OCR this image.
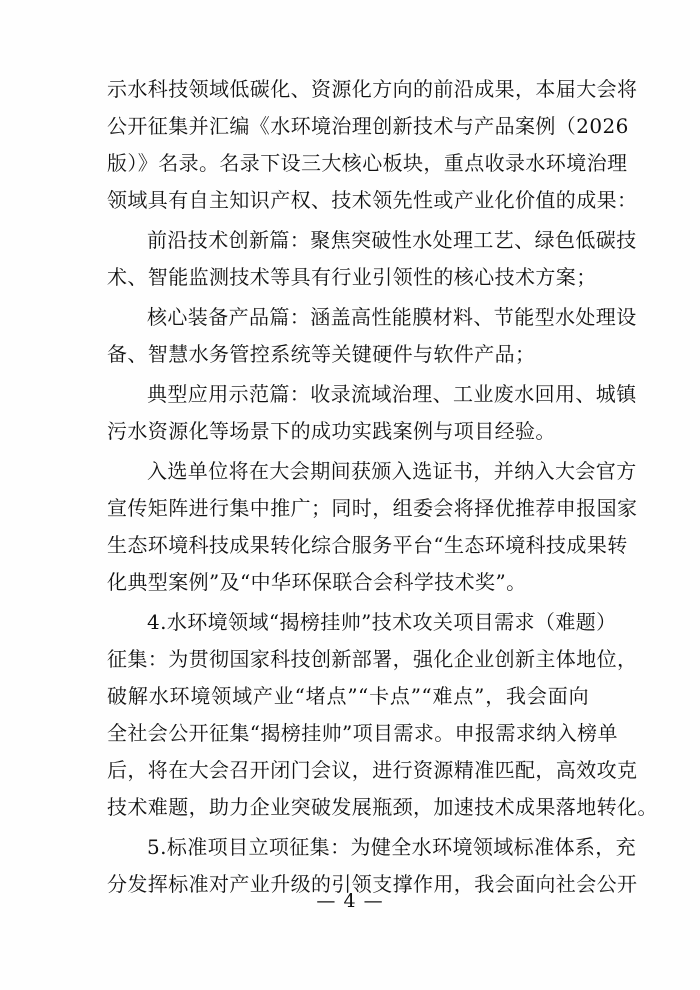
示水科技领域低碳化、资源化方向的前沿成果，本届大会将
公开征集并汇编《水环境治理创新技术与产品案例（2026
版）》名录。名录下设三大核心板块，重点收录水环境治理
领域具有自主知识产权、技术领先性或产业化价值的成果：
前沿技术创新篇：聚焦突破性水处理工艺、绿色低碳技
术、智能监测技术等具有行业引领性的核心技术方案；
核心装备产品篇：涵盖高性能膜材料、节能型水处理设
备、智慧水务管控系统等关键硬件与软件产品；
典型应用示范篇：收录流域治理、工业废水回用、城镇
污水资源化等场景下的成功实践案例与项目经验。
入选单位将在大会期间获颁入选证书，并纳入大会官方
宣传矩阵进行集中推广；同时，组委会将择优推荐申报国家
生态环境科技成果转化综合服务平台“生态环境科技成果转
化典型案例”及“中华环保联合会科学技术奖”。
4.水环境领域“揭榜挂帅”技术攻关项目需求（难题）
征集：为贯彻国家科技创新部署，强化企业创新主体地位，
破解水环境领域产业“堵点”“卡点”“难点”，我会面向
全社会公开征集“揭榜挂帅”项目需求。申报需求纳入榜单
后，将在大会召开闭门会议，进行资源精准匹配，高效攻克
技术难题，助力企业突破发展瓶颈，加速技术成果落地转化。
5.标准项目立项征集：为健全水环境领域标准体系，充
分发挥标准对产业升级的引领支撑作用，我会面向社会公开
— 4 —
